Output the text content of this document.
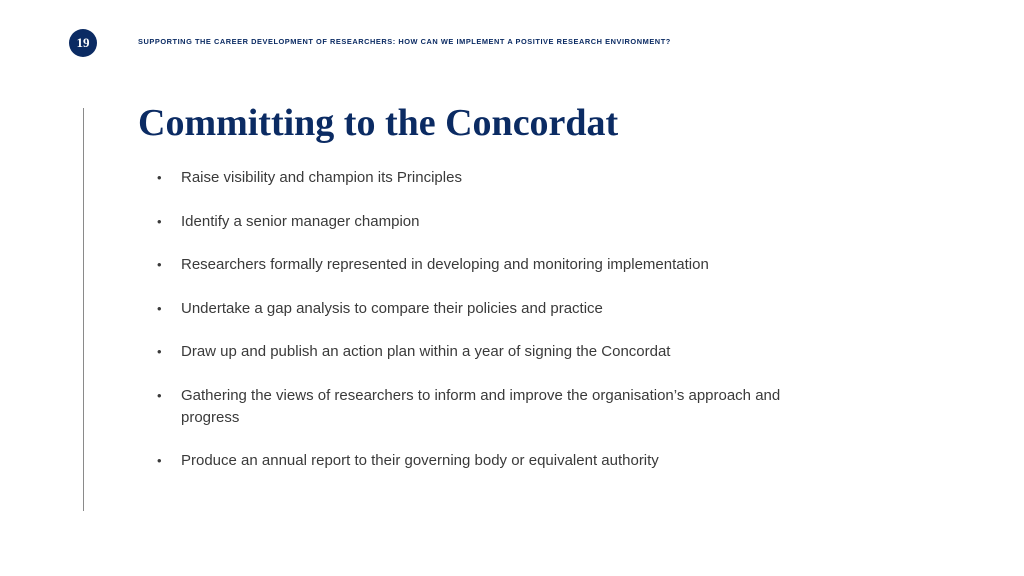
19	SUPPORTING THE CAREER DEVELOPMENT OF RESEARCHERS: HOW CAN WE IMPLEMENT A POSITIVE RESEARCH ENVIRONMENT?
Committing to the Concordat
• Raise visibility and champion its Principles
• Identify a senior manager champion
• Researchers formally represented in developing and monitoring implementation
• Undertake a gap analysis to compare their policies and practice
• Draw up and publish an action plan within a year of signing the Concordat
• Gathering the views of researchers to inform and improve the organisation’s approach and progress
• Produce an annual report to their governing body or equivalent authority
